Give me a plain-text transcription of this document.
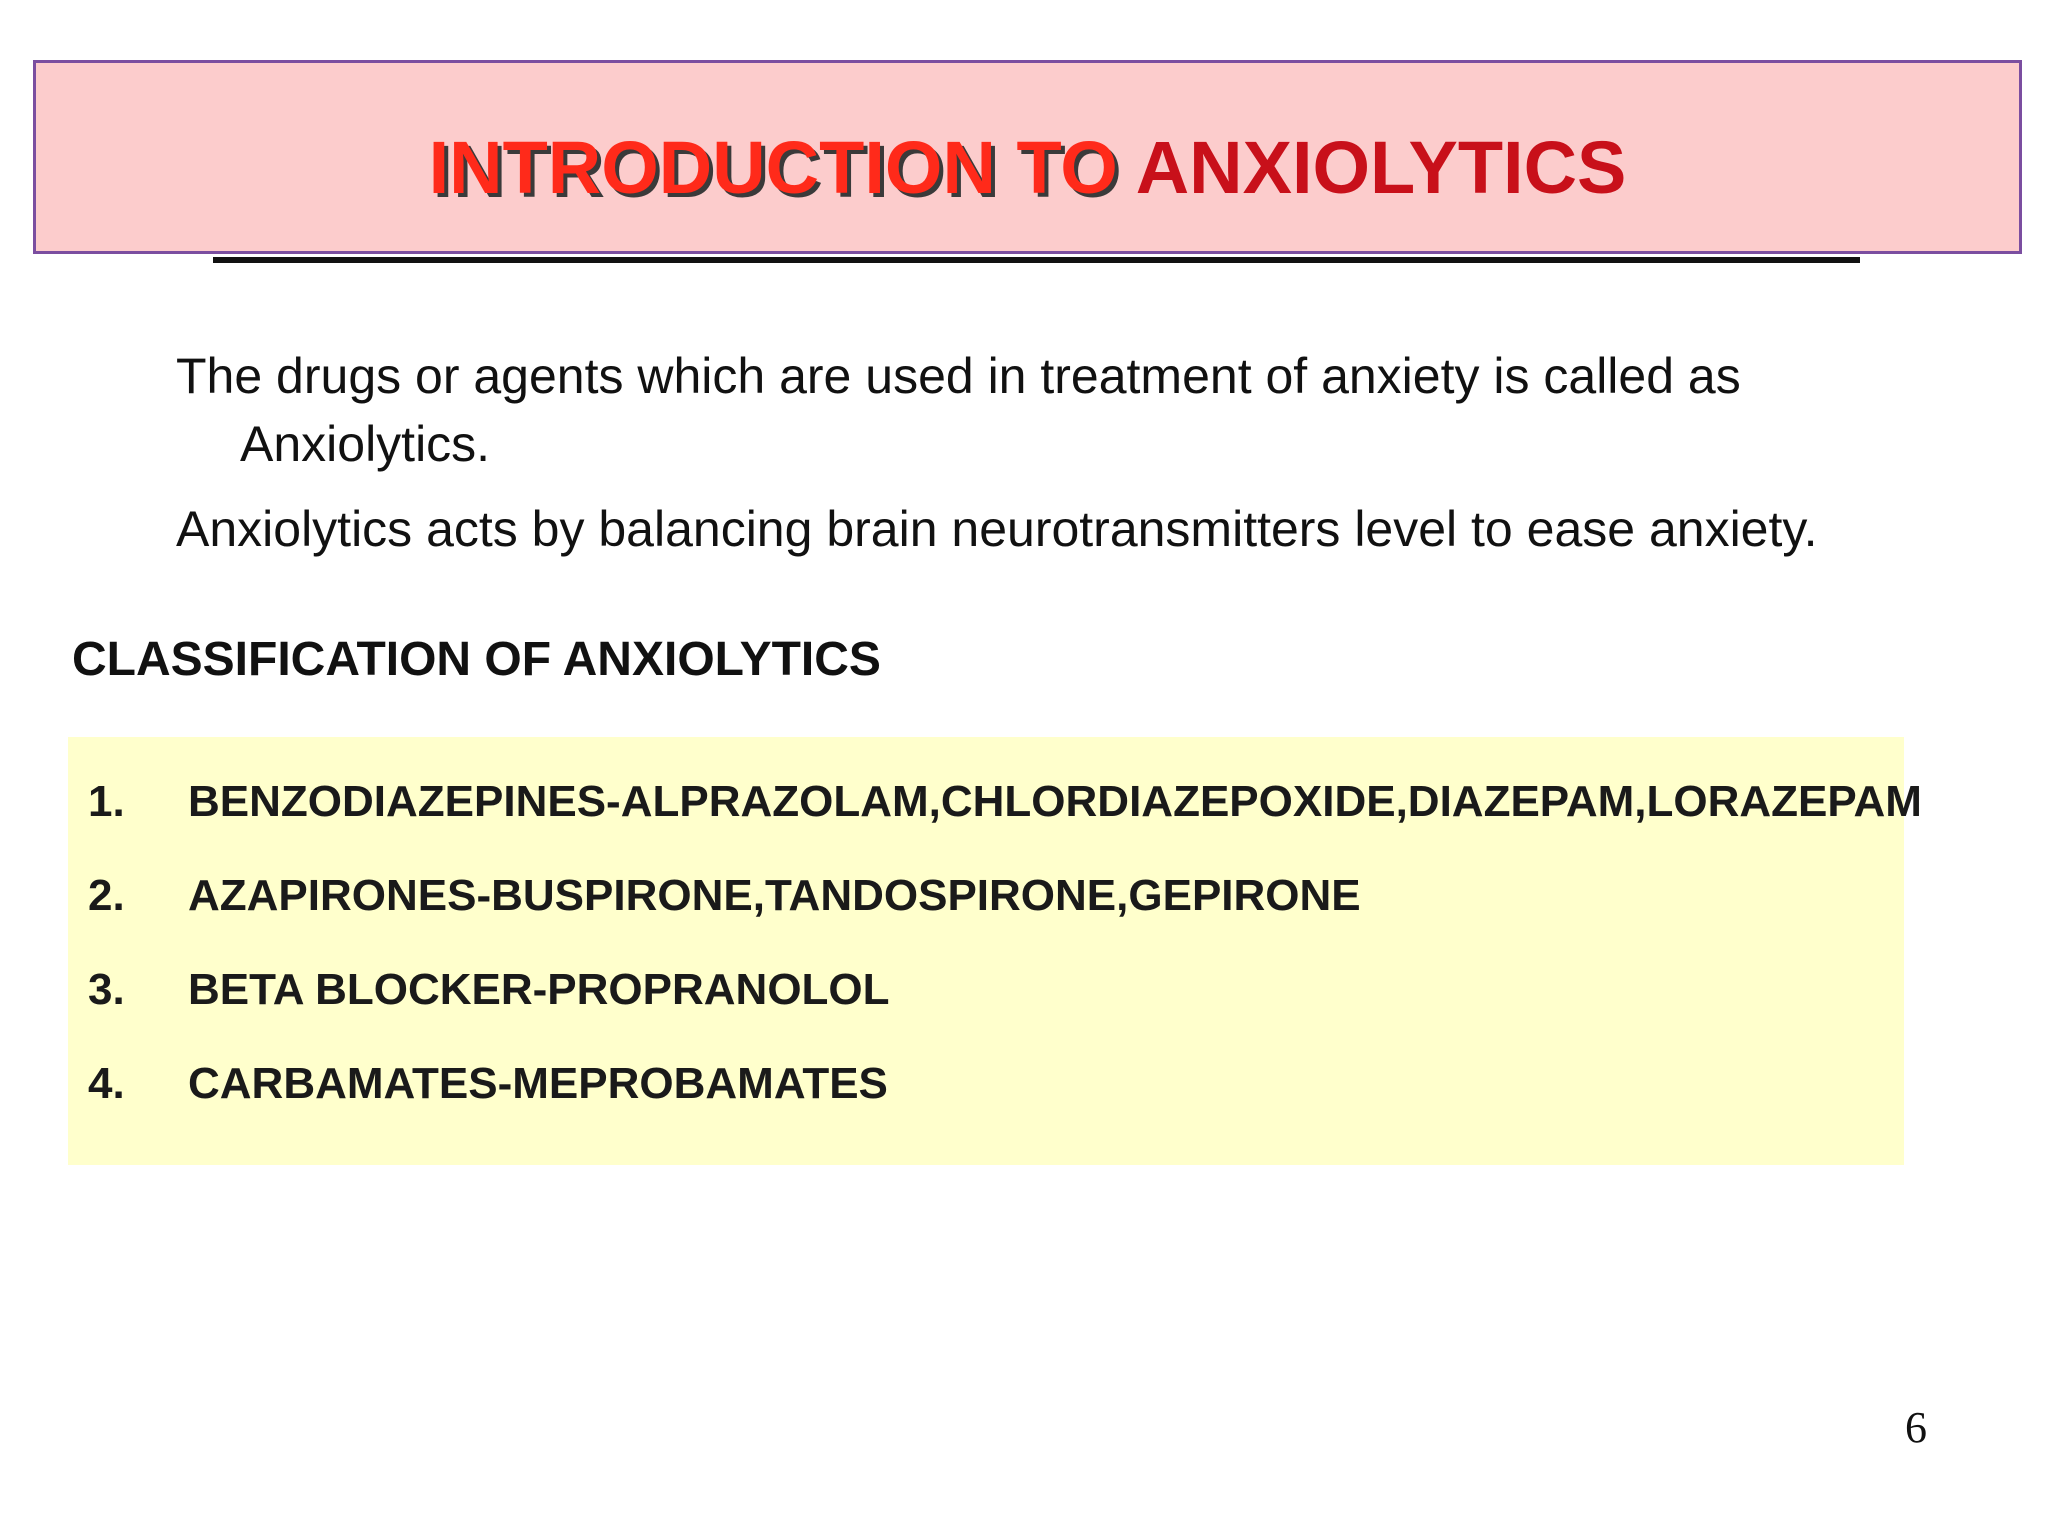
INTRODUCTION TO ANXIOLYTICS

The drugs or agents which are used in treatment of anxiety is called as
Anxiolytics.

Anxiolytics acts by balancing brain neurotransmitters level to ease anxiety.

CLASSIFICATION OF ANXIOLYTICS
1.	BENZODIAZEPINES-ALPRAZOLAM,CHLORDIAZEPOXIDE,DIAZEPAM,LORAZEPAM
2.	AZAPIRONES-BUSPIRONE,TANDOSPIRONE,GEPIRONE
3.	BETA BLOCKER-PROPRANOLOL
4.	CARBAMATES-MEPROBAMATES
6
